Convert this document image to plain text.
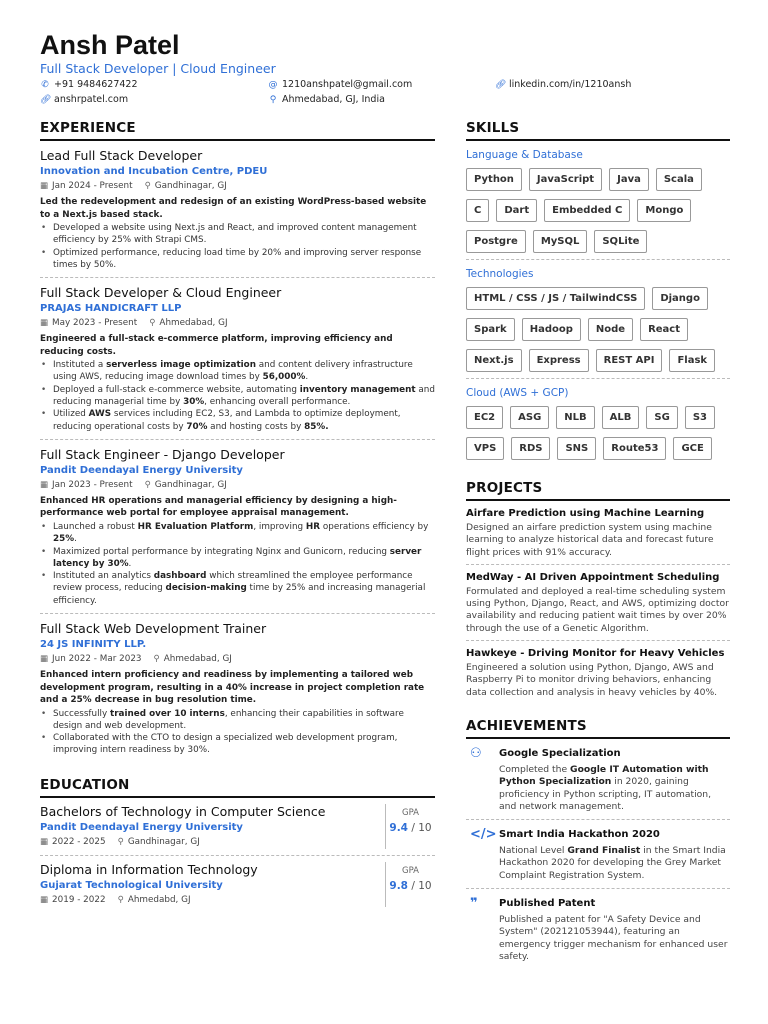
Ansh Patel
Full Stack Developer | Cloud Engineer
✆ +91 9484627422	@ 1210anshpatel@gmail.com	🔗︎ linkedin.com/in/1210ansh
🔗︎ anshrpatel.com	⚲ Ahmedabad, GJ, India
EXPERIENCE
Lead Full Stack Developer
Innovation and Incubation Centre, PDEU
▦ Jan 2024 - Present ⚲ Gandhinagar, GJ
Led the redevelopment and redesign of an existing WordPress-based website to a Next.js based stack.
• Developed a website using Next.js and React, and improved content management efficiency by 25% with Strapi CMS.
• Optimized performance, reducing load time by 20% and improving server response times by 50%.
Full Stack Developer & Cloud Engineer
PRAJAS HANDICRAFT LLP
▦ May 2023 - Present ⚲ Ahmedabad, GJ
Engineered a full-stack e-commerce platform, improving efficiency and reducing costs.
• Instituted a serverless image optimization and content delivery infrastructure using AWS, reducing image download times by 56,000%.
• Deployed a full-stack e-commerce website, automating inventory management and reducing managerial time by 30%, enhancing overall performance.
• Utilized AWS services including EC2, S3, and Lambda to optimize deployment, reducing operational costs by 70% and hosting costs by 85%.
Full Stack Engineer - Django Developer
Pandit Deendayal Energy University
▦ Jan 2023 - Present ⚲ Gandhinagar, GJ
Enhanced HR operations and managerial efficiency by designing a high-performance web portal for employee appraisal management.
• Launched a robust HR Evaluation Platform, improving HR operations efficiency by 25%.
• Maximized portal performance by integrating Nginx and Gunicorn, reducing server latency by 30%.
• Instituted an analytics dashboard which streamlined the employee performance review process, reducing decision-making time by 25% and increasing managerial efficiency.
Full Stack Web Development Trainer
24 JS INFINITY LLP.
▦ Jun 2022 - Mar 2023 ⚲ Ahmedabad, GJ
Enhanced intern proficiency and readiness by implementing a tailored web development program, resulting in a 40% increase in project completion rate and a 25% decrease in bug resolution time.
• Successfully trained over 10 interns, enhancing their capabilities in software design and web development.
• Collaborated with the CTO to design a specialized web development program, improving intern readiness by 30%.
EDUCATION
Bachelors of Technology in Computer Science
Pandit Deendayal Energy University
▦ 2022 - 2025 ⚲ Gandhinagar, GJ
GPA
9.4 / 10
Diploma in Information Technology
Gujarat Technological University
▦ 2019 - 2022 ⚲ Ahmedabd, GJ
GPA
9.8 / 10
SKILLS
Language & Database
Python	JavaScript	Java	Scala
C	Dart	Embedded C	Mongo
Postgre	MySQL	SQLite
Technologies
HTML / CSS / JS / TailwindCSS	Django
Spark	Hadoop	Node	React
Next.js	Express	REST API	Flask
Cloud (AWS + GCP)
EC2	ASG	NLB	ALB	SG	S3
VPS	RDS	SNS	Route53	GCE
PROJECTS
Airfare Prediction using Machine Learning
Designed an airfare prediction system using machine learning to analyze historical data and forecast future flight prices with 91% accuracy.
MedWay - AI Driven Appointment Scheduling
Formulated and deployed a real-time scheduling system using Python, Django, React, and AWS, optimizing doctor availability and reducing patient wait times by over 20% through the use of a Genetic Algorithm.
Hawkeye - Driving Monitor for Heavy Vehicles
Engineered a solution using Python, Django, AWS and Raspberry Pi to monitor driving behaviors, enhancing data collection and analysis in heavy vehicles by 40%.
ACHIEVEMENTS
⚇	Google Specialization
Completed the Google IT Automation with Python Specialization in 2020, gaining proficiency in Python scripting, IT automation, and network management.
</> Smart India Hackathon 2020
National Level Grand Finalist in the Smart India Hackathon 2020 for developing the Grey Market Complaint Registration System.
❞	Published Patent
Published a patent for "A Safety Device and System" (202121053944), featuring an emergency trigger mechanism for enhanced user safety.
